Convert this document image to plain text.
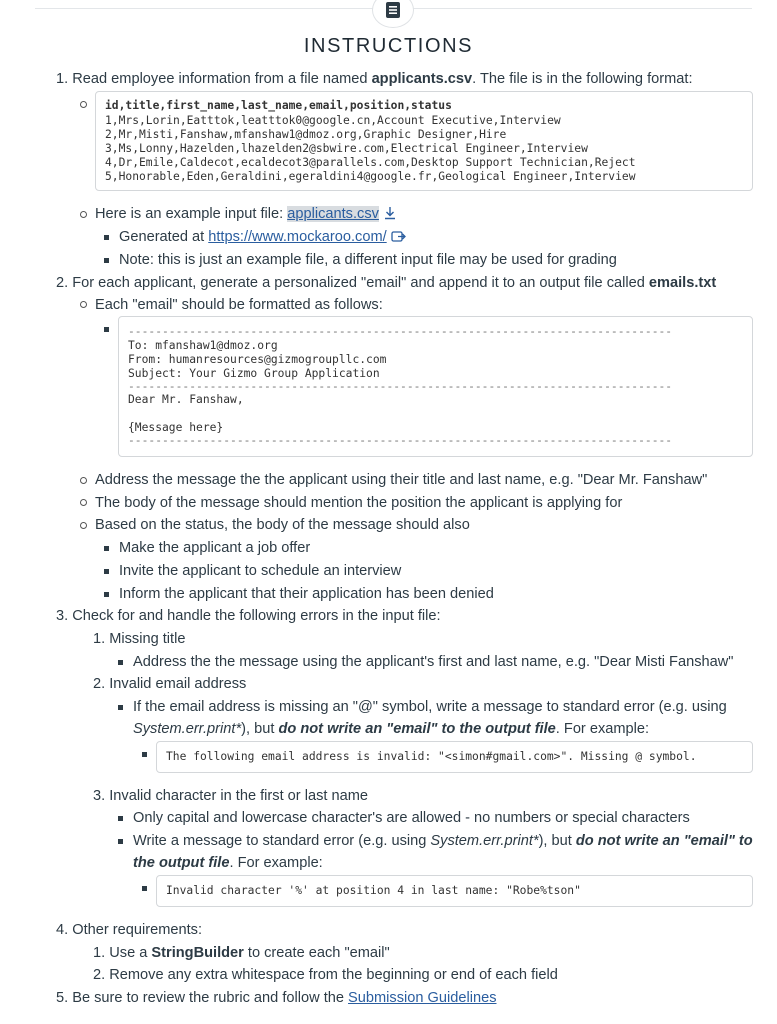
INSTRUCTIONS
1. Read employee information from a file named applicants.csv. The file is in the following format:
id,title,first_name,last_name,email,position,status
1,Mrs,Lorin,Eatttok,leatttok0@google.cn,Account Executive,Interview
2,Mr,Misti,Fanshaw,mfanshaw1@dmoz.org,Graphic Designer,Hire
3,Ms,Lonny,Hazelden,lhazelden2@sbwire.com,Electrical Engineer,Interview
4,Dr,Emile,Caldecot,ecaldecot3@parallels.com,Desktop Support Technician,Reject
5,Honorable,Eden,Geraldini,egeraldini4@google.fr,Geological Engineer,Interview
Here is an example input file: applicants.csv
Generated at https://www.mockaroo.com/
Note: this is just an example file, a different input file may be used for grading
2. For each applicant, generate a personalized "email" and append it to an output file called emails.txt
Each "email" should be formatted as follows:
--------------------------------------------------------------------------------
To: mfanshaw1@dmoz.org
From: humanresources@gizmogroupllc.com
Subject: Your Gizmo Group Application
--------------------------------------------------------------------------------
Dear Mr. Fanshaw,
{Message here}
--------------------------------------------------------------------------------
Address the message the the applicant using their title and last name, e.g. "Dear Mr. Fanshaw"
The body of the message should mention the position the applicant is applying for
Based on the status, the body of the message should also
Make the applicant a job offer
Invite the applicant to schedule an interview
Inform the applicant that their application has been denied
3. Check for and handle the following errors in the input file:
1. Missing title
Address the the message using the applicant's first and last name, e.g. "Dear Misti Fanshaw"
2. Invalid email address
If the email address is missing an "@" symbol, write a message to standard error (e.g. using
System.err.print*), but do not write an "email" to the output file. For example:
The following email address is invalid: "<simon#gmail.com>". Missing @ symbol.
3. Invalid character in the first or last name
Only capital and lowercase character's are allowed - no numbers or special characters
Write a message to standard error (e.g. using System.err.print*), but do not write an "email" to
the output file. For example:
Invalid character '%' at position 4 in last name: "Robe%tson"
4. Other requirements:
1. Use a StringBuilder to create each "email"
2. Remove any extra whitespace from the beginning or end of each field
5. Be sure to review the rubric and follow the Submission Guidelines
